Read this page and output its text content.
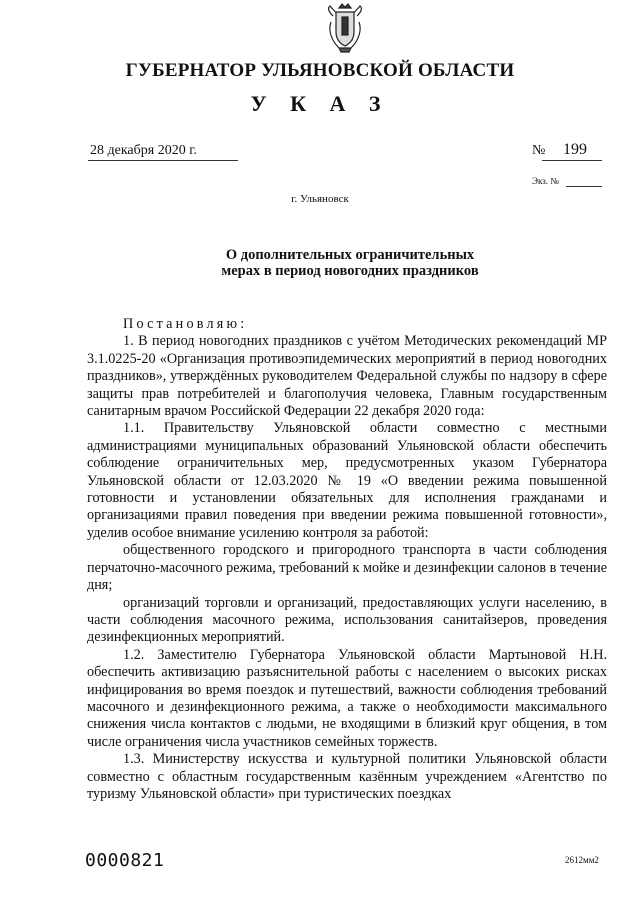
ГУБЕРНАТОР УЛЬЯНОВСКОЙ ОБЛАСТИ
У К А З
28 декабря 2020 г.	№	199
Экз. №
г. Ульяновск
О дополнительных ограничительных
мерах в период новогодних праздников

Постановляю:

1. В период новогодних праздников с учётом Методических рекомендаций МР 3.1.0225-20 «Организация противоэпидемических мероприятий в период новогодних праздников», утверждённых руководителем Федеральной службы по надзору в сфере защиты прав потребителей и благополучия человека, Главным государственным санитарным врачом Российской Федерации 22 декабря 2020 года:

1.1. Правительству Ульяновской области совместно с местными администрациями муниципальных образований Ульяновской области обеспечить соблюдение ограничительных мер, предусмотренных указом Губернатора Ульяновской области от 12.03.2020 № 19 «О введении режима повышенной готовности и установлении обязательных для исполнения гражданами и организациями правил поведения при введении режима повышенной готовности», уделив особое внимание усилению контроля за работой:

общественного городского и пригородного транспорта в части соблюдения перчаточно-масочного режима, требований к мойке и дезинфекции салонов в течение дня;

организаций торговли и организаций, предоставляющих услуги населению, в части соблюдения масочного режима, использования санитайзеров, проведения дезинфекционных мероприятий.

1.2. Заместителю Губернатора Ульяновской области Мартыновой Н.Н. обеспечить активизацию разъяснительной работы с населением о высоких рисках инфицирования во время поездок и путешествий, важности соблюдения требований масочного и дезинфекционного режима, а также о необходимости максимального снижения числа контактов с людьми, не входящими в близкий круг общения, в том числе ограничения числа участников семейных торжеств.

1.3. Министерству искусства и культурной политики Ульяновской области совместно с областным государственным казённым учреждением «Агентство по туризму Ульяновской области» при туристических поездках

0000821	2612мм2
